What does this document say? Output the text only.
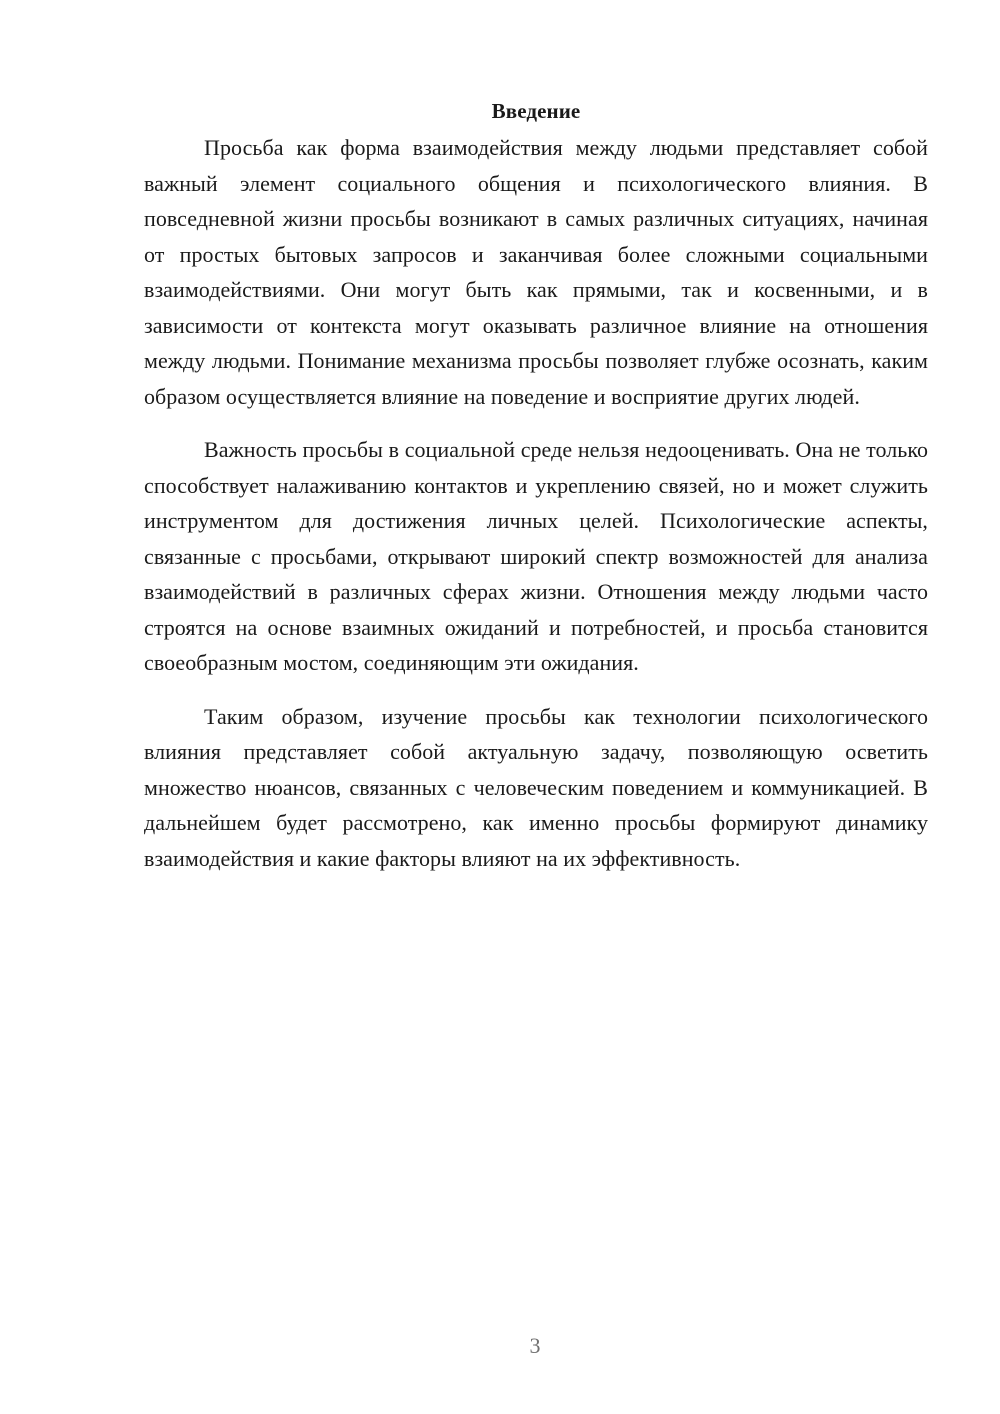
Введение

Просьба как форма взаимодействия между людьми представляет собой важный элемент социального общения и психологического влияния. В повседневной жизни просьбы возникают в самых различных ситуациях, начиная от простых бытовых запросов и заканчивая более сложными социальными взаимодействиями. Они могут быть как прямыми, так и косвенными, и в зависимости от контекста могут оказывать различное влияние на отношения между людьми. Понимание механизма просьбы позволяет глубже осознать, каким образом осуществляется влияние на поведение и восприятие других людей.

Важность просьбы в социальной среде нельзя недооценивать. Она не только способствует налаживанию контактов и укреплению связей, но и может служить инструментом для достижения личных целей. Психологические аспекты, связанные с просьбами, открывают широкий спектр возможностей для анализа взаимодействий в различных сферах жизни. Отношения между людьми часто строятся на основе взаимных ожиданий и потребностей, и просьба становится своеобразным мостом, соединяющим эти ожидания.

Таким образом, изучение просьбы как технологии психологического влияния представляет собой актуальную задачу, позволяющую осветить множество нюансов, связанных с человеческим поведением и коммуникацией. В дальнейшем будет рассмотрено, как именно просьбы формируют динамику взаимодействия и какие факторы влияют на их эффективность.

3
